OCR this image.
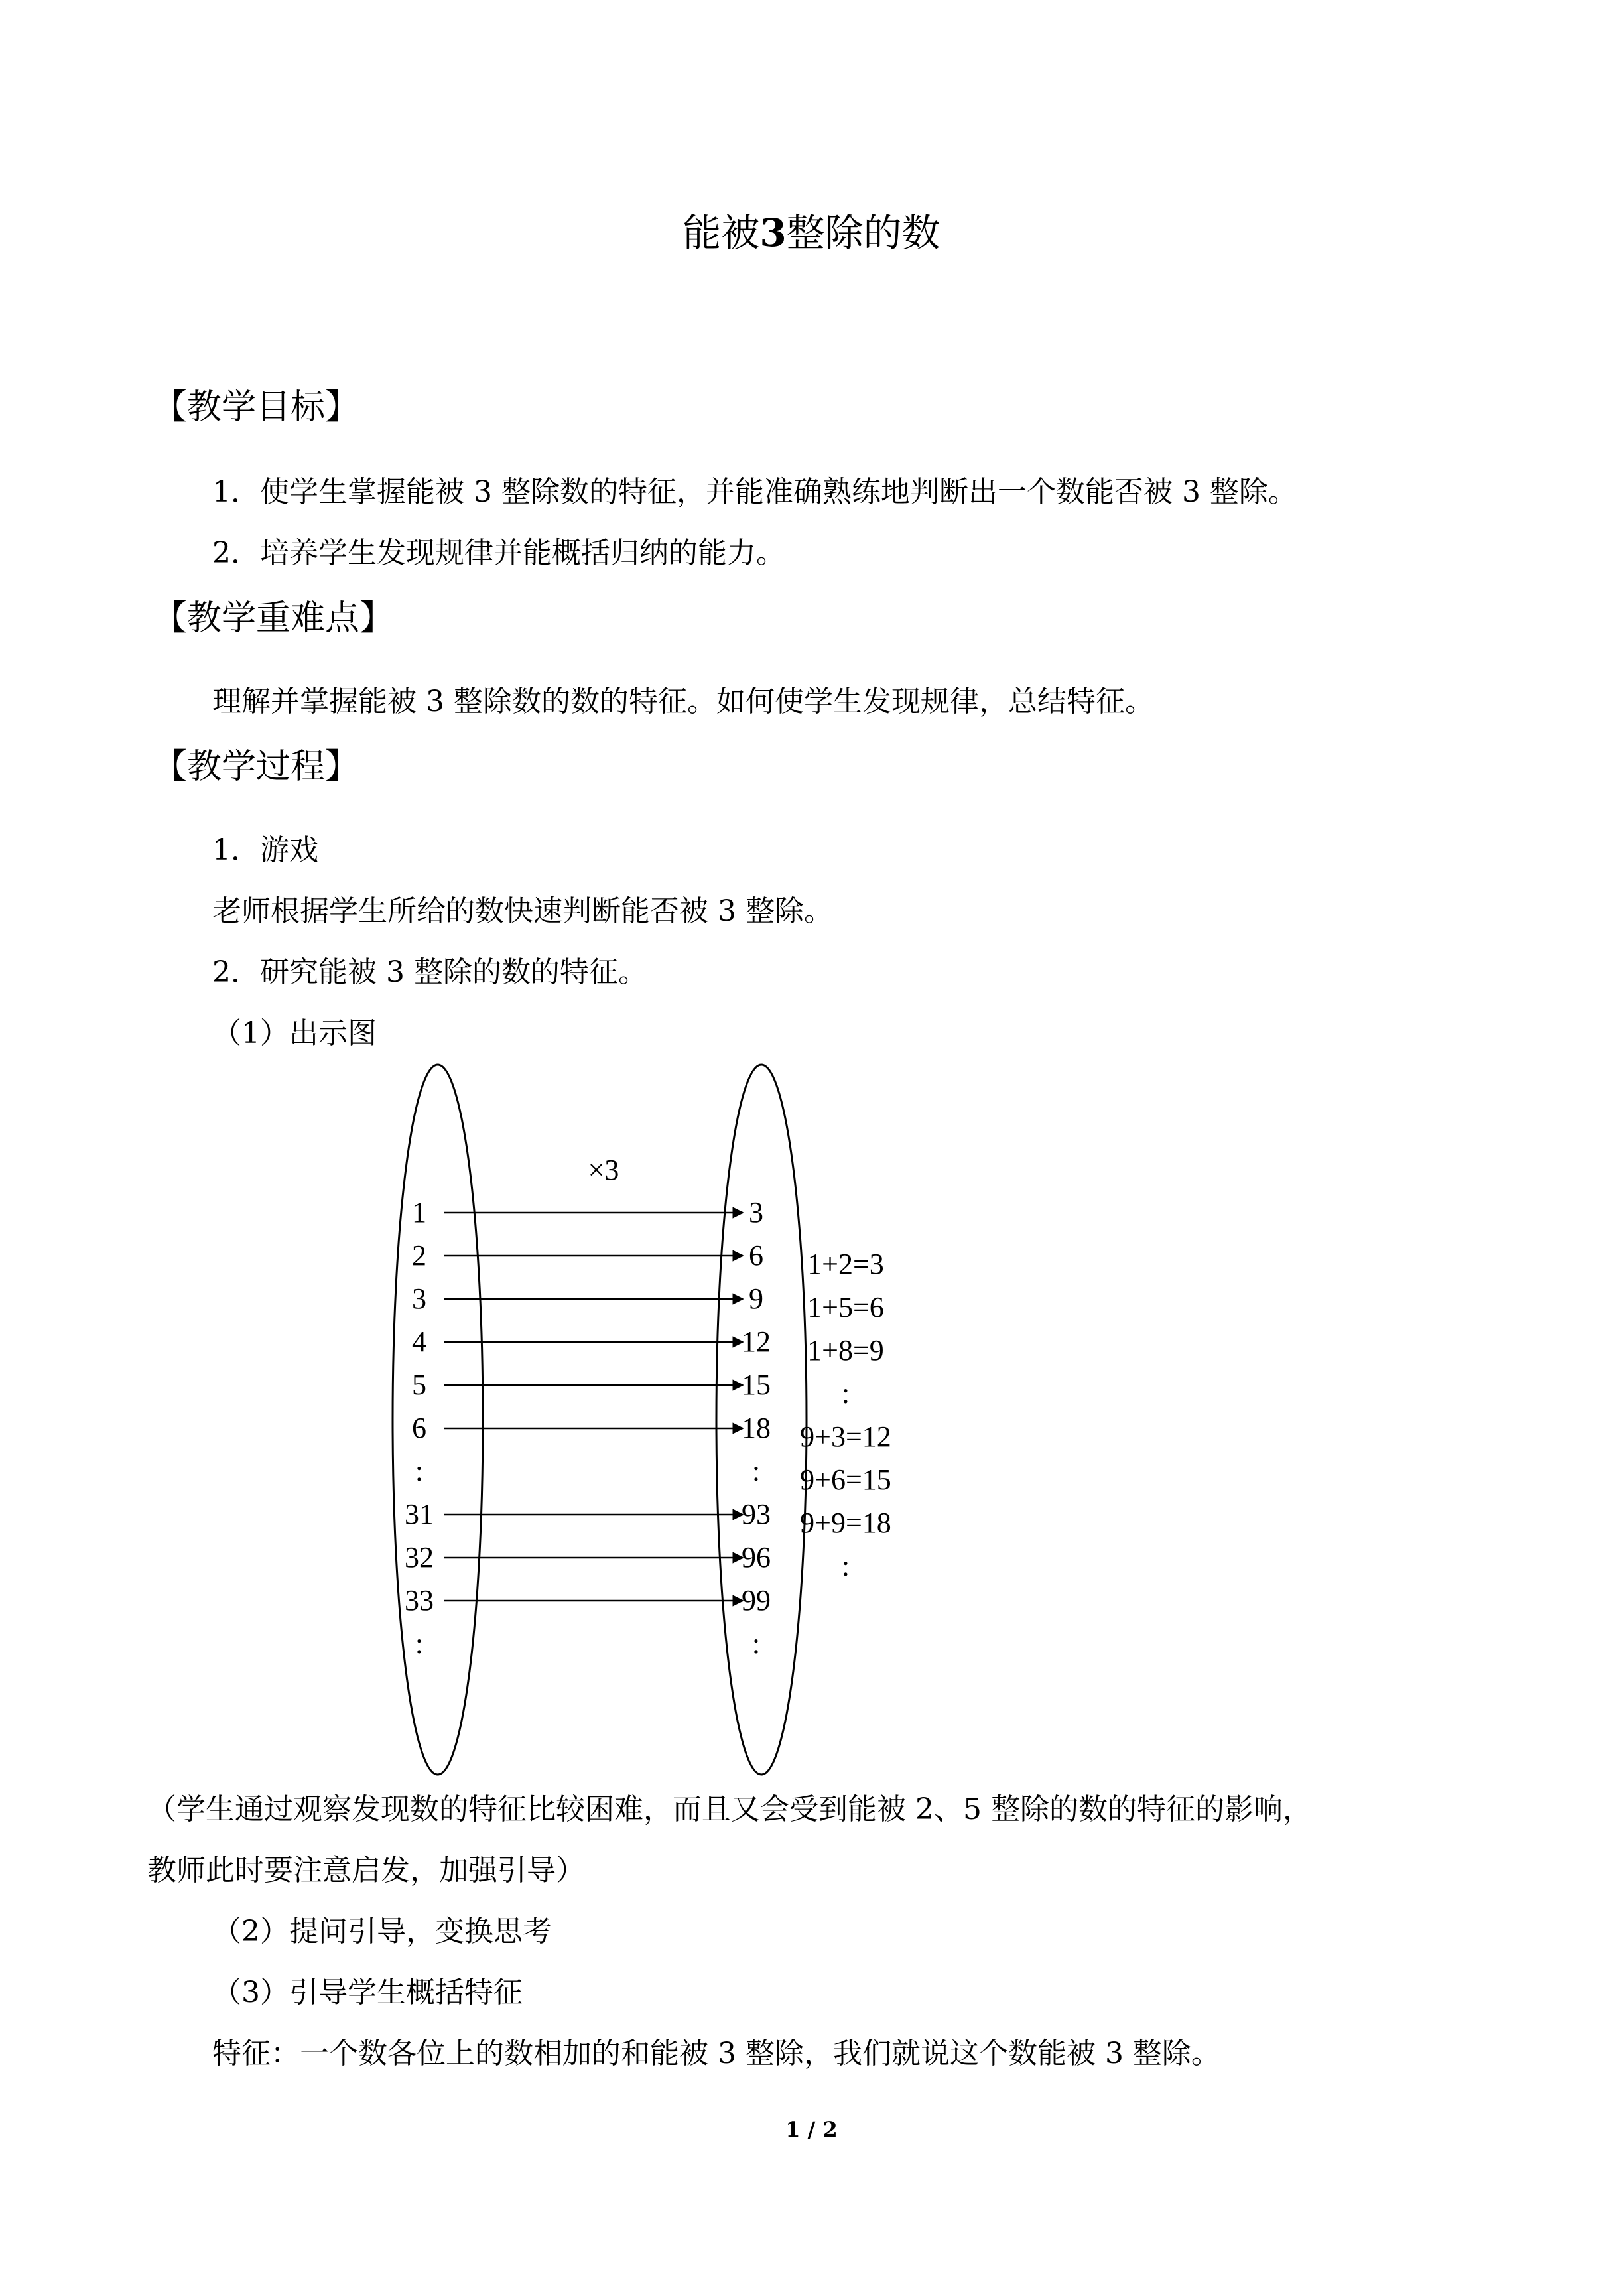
能被3整除的数
【教学目标】
1．使学生掌握能被 3 整除数的特征，并能准确熟练地判断出一个数能否被 3 整除。
2．培养学生发现规律并能概括归纳的能力。
【教学重难点】
理解并掌握能被 3 整除数的数的特征。如何使学生发现规律，总结特征。
【教学过程】
1．游戏
老师根据学生所给的数快速判断能否被 3 整除。
2．研究能被 3 整除的数的特征。
（1）出示图
×3
1
2
3
4
5
6
:
31
32
33
:
3
6
9
12
15
18
:
93
96
99
:
1+2=3
1+5=6
1+8=9
:
9+3=12
9+6=15
9+9=18
:
（学生通过观察发现数的特征比较困难，而且又会受到能被 2、5 整除的数的特征的影响，
教师此时要注意启发，加强引导）
（2）提问引导，变换思考
（3）引导学生概括特征
特征：一个数各位上的数相加的和能被 3 整除，我们就说这个数能被 3 整除。
1 / 2
